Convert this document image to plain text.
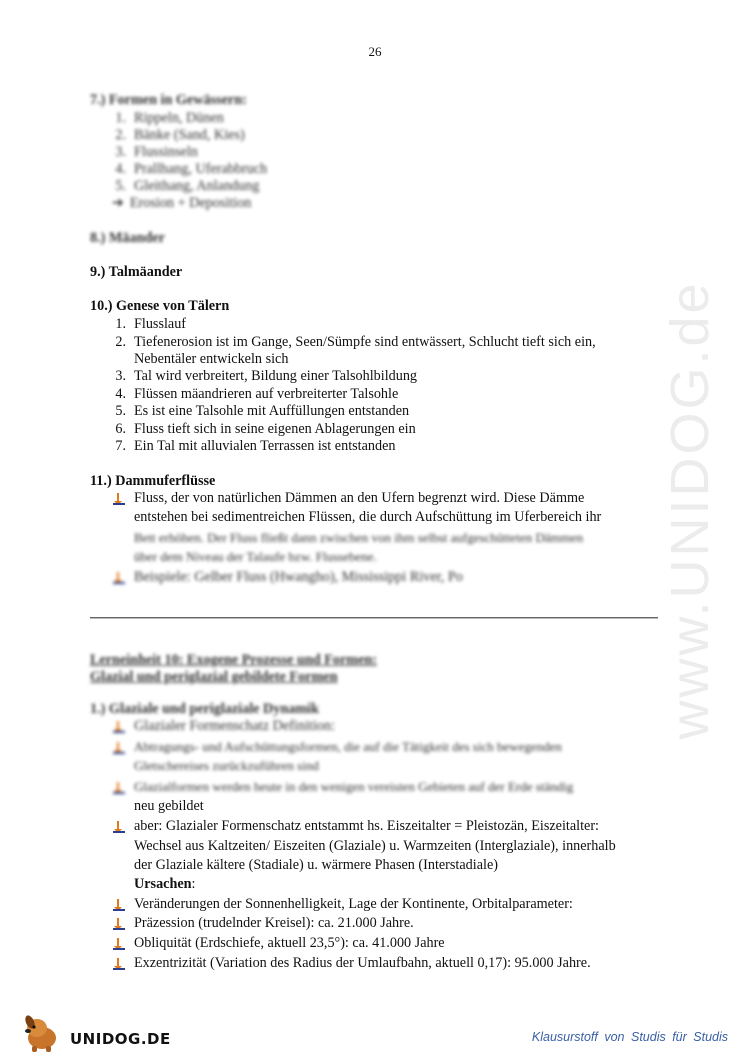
www.UNIDOG.de
26
7.) Formen in Gewässern:
1. Rippeln, Dünen
2. Bänke (Sand, Kies)
3. Flussinseln
4. Prallhang, Uferabbruch
5. Gleithang, Anlandung
➔ Erosion + Deposition
8.) Mäander
9.) Talmäander
10.) Genese von Tälern
1. Flusslauf
2. Tiefenerosion ist im Gange, Seen/Sümpfe sind entwässert, Schlucht tieft sich ein,
Nebentäler entwickeln sich
3. Tal wird verbreitert, Bildung einer Talsohlbildung
4. Flüssen mäandrieren auf verbreiterter Talsohle
5. Es ist eine Talsohle mit Auffüllungen entstanden
6. Fluss tieft sich in seine eigenen Ablagerungen ein
7. Ein Tal mit alluvialen Terrassen ist entstanden
11.) Dammuferflüsse
Fluss, der von natürlichen Dämmen an den Ufern begrenzt wird. Diese Dämme
entstehen bei sedimentreichen Flüssen, die durch Aufschüttung im Uferbereich ihr
Bett erhöhen. Der Fluss fließt dann zwischen von ihm selbst aufgeschütteten Dämmen
über dem Niveau der Talaufe bzw. Flussebene.
Beispiele: Gelber Fluss (Hwangho), Mississippi River, Po
Lerneinheit 10: Exogene Prozesse und Formen:
Glazial und periglazial gebildete Formen
1.) Glaziale und periglaziale Dynamik
Glazialer Formenschatz Definition:
Abtragungs- und Aufschüttungsformen, die auf die Tätigkeit des sich bewegenden
Gletschereises zurückzuführen sind
Glazialformen werden heute in den wenigen vereisten Gebieten auf der Erde ständig
neu gebildet
aber: Glazialer Formenschatz entstammt hs. Eiszeitalter = Pleistozän, Eiszeitalter:
Wechsel aus Kaltzeiten/ Eiszeiten (Glaziale) u. Warmzeiten (Interglaziale), innerhalb
der Glaziale kältere (Stadiale) u. wärmere Phasen (Interstadiale)
Ursachen:
Veränderungen der Sonnenhelligkeit, Lage der Kontinente, Orbitalparameter:
Präzession (trudelnder Kreisel): ca. 21.000 Jahre.
Obliquität (Erdschiefe, aktuell 23,5°): ca. 41.000 Jahre
Exzentrizität (Variation des Radius der Umlaufbahn, aktuell 0,17): 95.000 Jahre.
UNIDOG.DE	Klausurstoff von Studis für Studis
